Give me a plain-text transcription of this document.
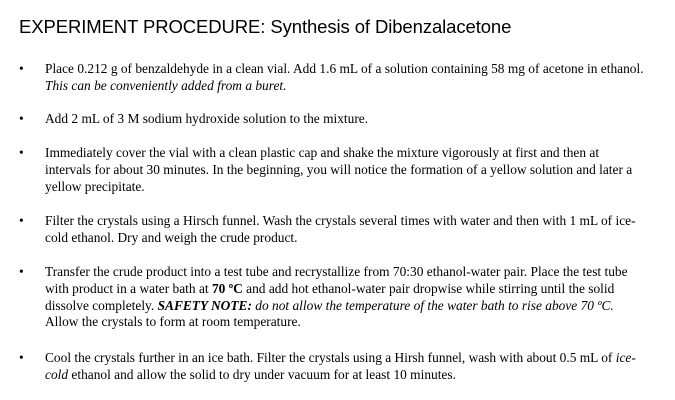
EXPERIMENT PROCEDURE: Synthesis of Dibenzalacetone
•	Place 0.212 g of benzaldehyde in a clean vial. Add 1.6 mL of a solution containing 58 mg of acetone in ethanol. This can be conveniently added from a buret.
•	Add 2 mL of 3 M sodium hydroxide solution to the mixture.
•	Immediately cover the vial with a clean plastic cap and shake the mixture vigorously at first and then at intervals for about 30 minutes. In the beginning, you will notice the formation of a yellow solution and later a yellow precipitate.
•	Filter the crystals using a Hirsch funnel. Wash the crystals several times with water and then with 1 mL of ice-cold ethanol. Dry and weigh the crude product.
•	Transfer the crude product into a test tube and recrystallize from 70:30 ethanol-water pair. Place the test tube with product in a water bath at 70 ºC and add hot ethanol-water pair dropwise while stirring until the solid dissolve completely. SAFETY NOTE: do not allow the temperature of the water bath to rise above 70 ºC. Allow the crystals to form at room temperature.
•	Cool the crystals further in an ice bath. Filter the crystals using a Hirsh funnel, wash with about 0.5 mL of ice-cold ethanol and allow the solid to dry under vacuum for at least 10 minutes.
